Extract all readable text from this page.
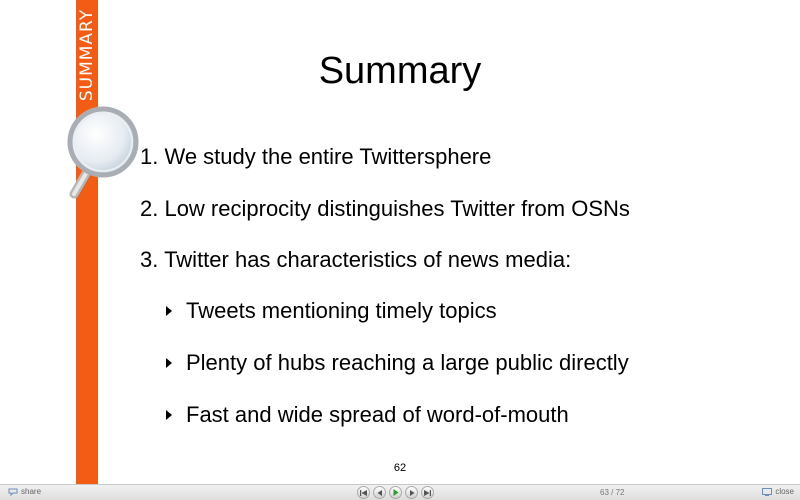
SUMMARY	Summary
1. We study the entire Twittersphere
2. Low reciprocity distinguishes Twitter from OSNs
3. Twitter has characteristics of news media:
Tweets mentioning timely topics
Plenty of hubs reaching a large public directly
Fast and wide spread of word-of-mouth
62
share	63 / 72	close
